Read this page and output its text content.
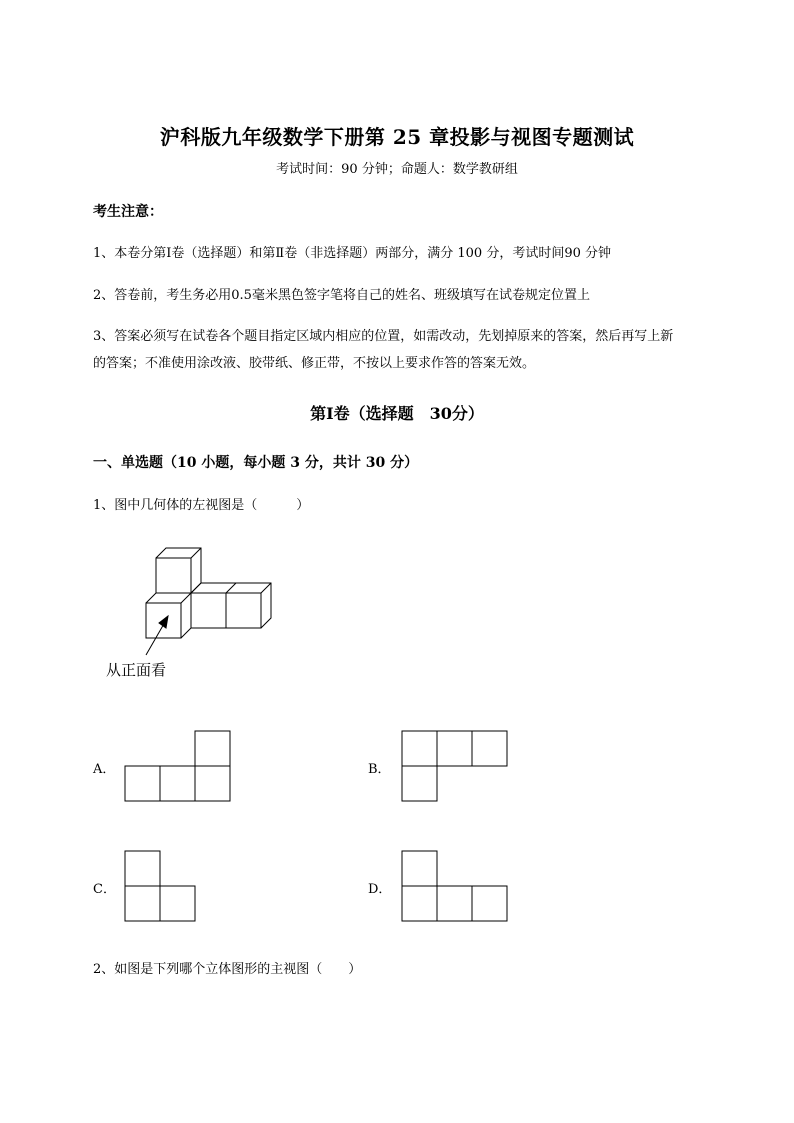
沪科版九年级数学下册第 25 章投影与视图专题测试
考试时间：90 分钟；命题人：数学教研组
考生注意：
1、本卷分第Ⅰ卷（选择题）和第Ⅱ卷（非选择题）两部分，满分 100 分，考试时间90 分钟
2、答卷前，考生务必用0.5毫米黑色签字笔将自己的姓名、班级填写在试卷规定位置上
3、答案必须写在试卷各个题目指定区域内相应的位置，如需改动，先划掉原来的答案，然后再写上新
的答案；不准使用涂改液、胶带纸、修正带，不按以上要求作答的答案无效。
第Ⅰ卷（选择题　30分）
一、单选题（10 小题，每小题 3 分，共计 30 分）
1、图中几何体的左视图是（　　　）
从正面看
A．	B．
C．	D．
2、如图是下列哪个立体图形的主视图（　　）
